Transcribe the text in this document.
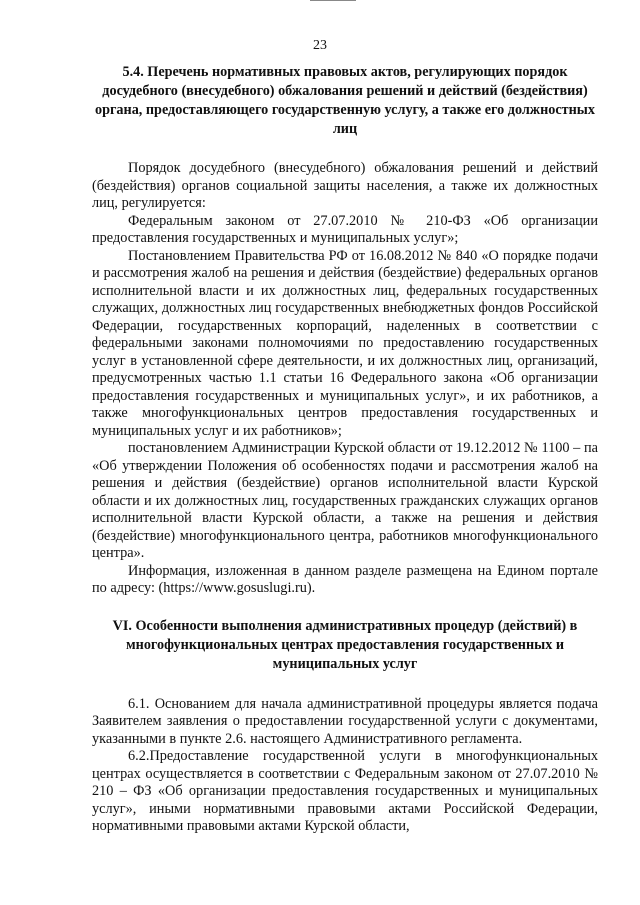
23
5.4. Перечень нормативных правовых актов, регулирующих порядок досудебного (внесудебного) обжалования решений и действий (бездействия) органа, предоставляющего государственную услугу, а также его должностных лиц

Порядок досудебного (внесудебного) обжалования решений и действий (бездействия) органов социальной защиты населения, а также их должностных лиц, регулируется:

Федеральным законом от 27.07.2010 № 210-ФЗ «Об организации предоставления государственных и муниципальных услуг»;

Постановлением Правительства РФ от 16.08.2012 № 840 «О порядке подачи и рассмотрения жалоб на решения и действия (бездействие) федеральных органов исполнительной власти и их должностных лиц, федеральных государственных служащих, должностных лиц государственных внебюджетных фондов Российской Федерации, государственных корпораций, наделенных в соответствии с федеральными законами полномочиями по предоставлению государственных услуг в установленной сфере деятельности, и их должностных лиц, организаций, предусмотренных частью 1.1 статьи 16 Федерального закона «Об организации предоставления государственных и муниципальных услуг», и их работников, а также многофункциональных центров предоставления государственных и муниципальных услуг и их работников»;

постановлением Администрации Курской области от 19.12.2012 № 1100 – па «Об утверждении Положения об особенностях подачи и рассмотрения жалоб на решения и действия (бездействие) органов исполнительной власти Курской области и их должностных лиц, государственных гражданских служащих органов исполнительной власти Курской области, а также на решения и действия (бездействие) многофункционального центра, работников многофункционального центра».

Информация, изложенная в данном разделе размещена на Едином портале по адресу: (https://www.gosuslugi.ru).

VI. Особенности выполнения административных процедур (действий) в многофункциональных центрах предоставления государственных и муниципальных услуг

6.1. Основанием для начала административной процедуры является подача Заявителем заявления о предоставлении государственной услуги с документами, указанными в пункте 2.6. настоящего Административного регламента.

6.2.Предоставление государственной услуги в многофункциональных центрах осуществляется в соответствии с Федеральным законом от 27.07.2010 № 210 – ФЗ «Об организации предоставления государственных и муниципальных услуг», иными нормативными правовыми актами Российской Федерации, нормативными правовыми актами Курской области,
